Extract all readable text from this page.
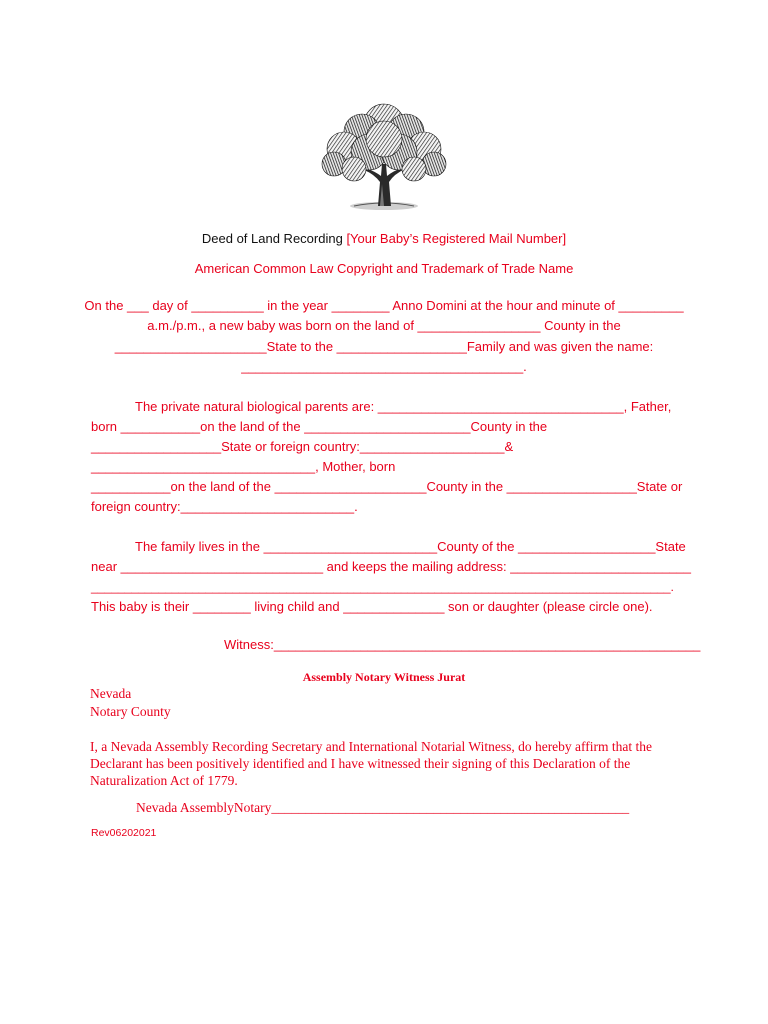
Deed of Land Recording [Your Baby’s Registered Mail Number]
American Common Law Copyright and Trademark of Trade Name
On the ___ day of __________ in the year ________ Anno Domini at the hour and minute of _________
a.m./p.m., a new baby was born on the land of _________________ County in the
_____________________State to the __________________Family and was given the name:
_______________________________________.
The private natural biological parents are: __________________________________, Father,
born ___________on the land of the _______________________County in the
__________________State or foreign country:____________________&
_______________________________, Mother, born
___________on the land of the _____________________County in the __________________State or
foreign country:________________________.
The family lives in the ________________________County of the ___________________State
near ____________________________ and keeps the mailing address: _________________________
______________________________________________________________________________________.
This baby is their ________ living child and ______________ son or daughter (please circle one).
Witness:___________________________________________________________
Assembly Notary Witness Jurat
Nevada
Notary County
I, a Nevada Assembly Recording Secretary and International Notarial Witness, do hereby affirm that the
Declarant has been positively identified and I have witnessed their signing of this Declaration of the
Naturalization Act of 1779.
Nevada AssemblyNotary_____________________________________________________
Rev06202021
